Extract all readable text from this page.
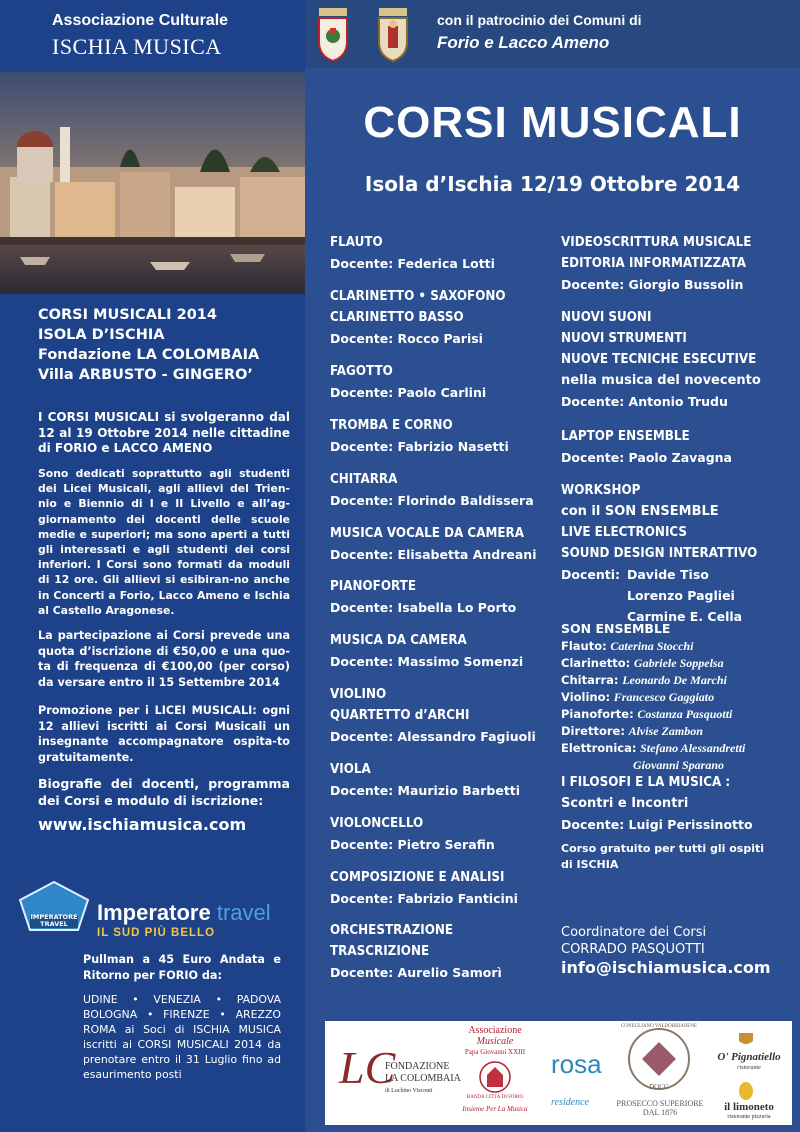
Associazione Culturale
ISCHIA MUSICA
con il patrocinio dei Comuni di
Forio e Lacco Ameno
CORSI MUSICALI
Isola d’Ischia 12/19 Ottobre 2014
CORSI MUSICALI 2014
ISOLA D’ISCHIA
Fondazione LA COLOMBAIA
Villa ARBUSTO - GINGERO’
I CORSI MUSICALI si svolgeranno dal 12 al 19 Ottobre 2014 nelle cittadine di FORIO e LACCO AMENO
Sono dedicati soprattutto agli studenti dei Licei Musicali, agli allievi del Trien-nio e Biennio di I e II Livello e all’ag-giornamento dei docenti delle scuole medie e superiori; ma sono aperti a tutti gli interessati e agli studenti dei corsi inferiori. I Corsi sono formati da moduli di 12 ore. Gli allievi si esibiran-no anche in Concerti a Forio, Lacco Ameno e Ischia al Castello Aragonese.
La partecipazione ai Corsi prevede una quota d’iscrizione di €50,00 e una quo-ta di frequenza di €100,00 (per corso) da versare entro il 15 Settembre 2014
Promozione per i LICEI MUSICALI: ogni 12 allievi iscritti ai Corsi Musicali un insegnante accompagnatore ospita-to gratuitamente.
Biografie dei docenti, programma dei Corsi e modulo di iscrizione:
www.ischiamusica.com
IMPERATORE TRAVEL	Imperatore travel
IL SUD PIÙ BELLO
Pullman a 45 Euro Andata e Ritorno per FORIO da:
UDINE • VENEZIA • PADOVA BOLOGNA • FIRENZE • AREZZO ROMA ai Soci di ISCHIA MUSICA iscritti ai CORSI MUSICALI 2014 da prenotare entro il 31 Luglio fino ad esaurimento posti
FLAUTO
Docente: Federica Lotti
CLARINETTO • SAXOFONO
CLARINETTO BASSO
Docente: Rocco Parisi
FAGOTTO
Docente: Paolo Carlini
TROMBA E CORNO
Docente: Fabrizio Nasetti
CHITARRA
Docente: Florindo Baldissera
MUSICA VOCALE DA CAMERA
Docente: Elisabetta Andreani
PIANOFORTE
Docente: Isabella Lo Porto
MUSICA DA CAMERA
Docente: Massimo Somenzi
VIOLINO
QUARTETTO d’ARCHI
Docente: Alessandro Fagiuoli
VIOLA
Docente: Maurizio Barbetti
VIOLONCELLO
Docente: Pietro Serafin
COMPOSIZIONE E ANALISI
Docente: Fabrizio Fanticini
ORCHESTRAZIONE
TRASCRIZIONE
Docente: Aurelio Samorì
VIDEOSCRITTURA MUSICALE
EDITORIA INFORMATIZZATA
Docente: Giorgio Bussolin
NUOVI SUONI
NUOVI STRUMENTI
NUOVE TECNICHE ESECUTIVE
nella musica del novecento
Docente: Antonio Trudu
LAPTOP ENSEMBLE
Docente: Paolo Zavagna
WORKSHOP
con il SON ENSEMBLE
LIVE ELECTRONICS
SOUND DESIGN INTERATTIVO
Docenti: Davide Tiso
Lorenzo Pagliei
Carmine E. Cella
SON ENSEMBLE
Flauto: Caterina Stocchi
Clarinetto: Gabriele Soppelsa
Chitarra: Leonardo De Marchi
Violino: Francesco Gaggiato
Pianoforte: Costanza Pasquotti
Direttore: Alvise Zambon
Elettronica: Stefano Alessandretti
Giovanni Sparano
I FILOSOFI E LA MUSICA :
Scontri e Incontri
Docente: Luigi Perissinotto
Corso gratuito per tutti gli ospiti
di ISCHIA
Coordinatore dei Corsi
CORRADO PASQUOTTI
info@ischiamusica.com
LC
FONDAZIONE
LA COLOMBAIA
di Luchino Visconti
Associazione
Musicale
Papa Giovanni XXIII
BANDA CITTÀ DI FORIO
Insieme Per La Musica
rosa
residence
CONEGLIANO VALDOBBIADENE
DOCG
PROSECCO SUPERIORE
DAL 1876
O' Pignatiello
ristorante
il limoneto
ristorante pizzeria
